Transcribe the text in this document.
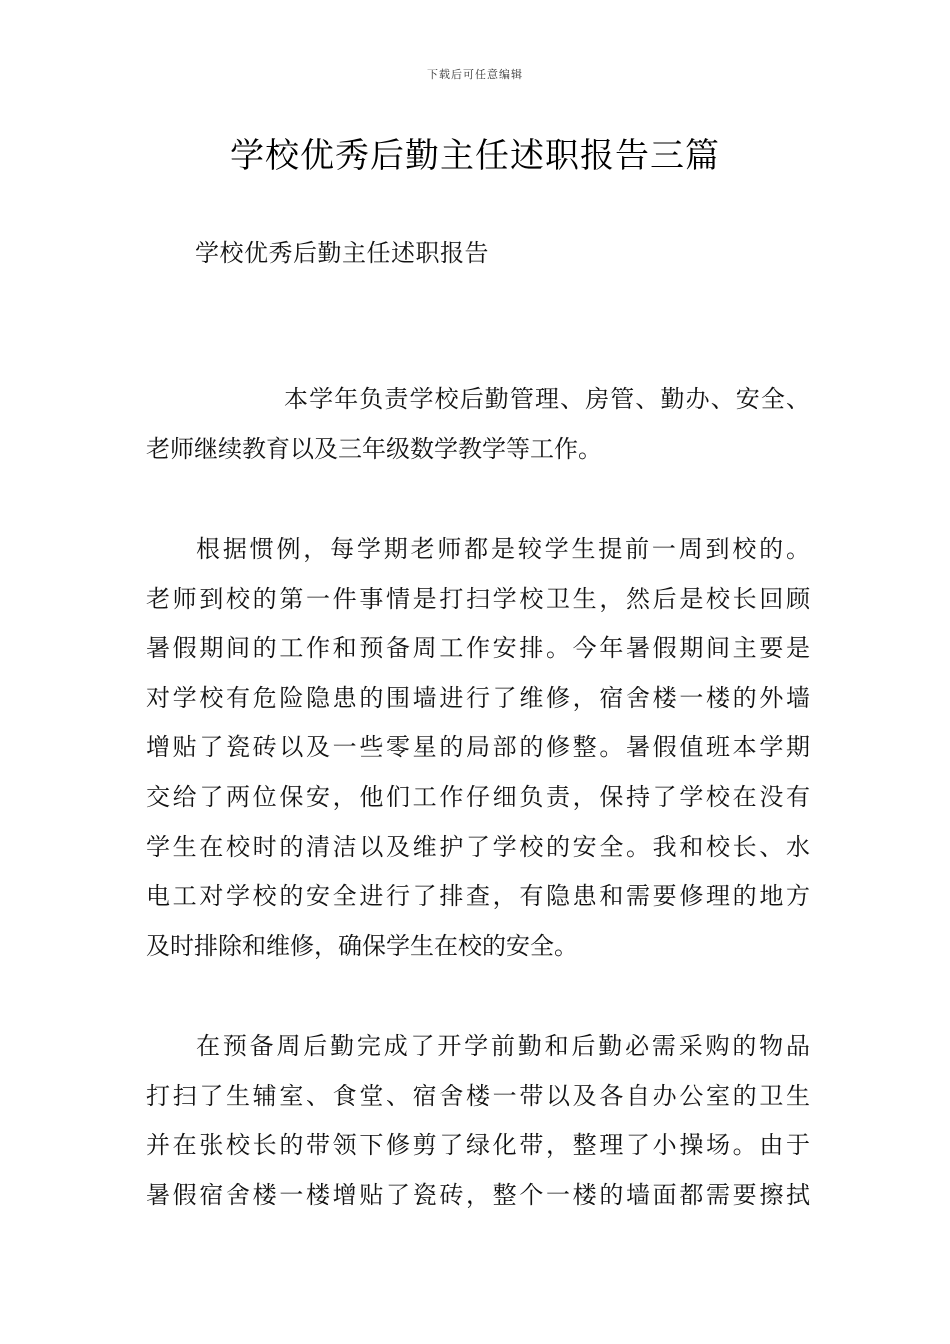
下载后可任意编辑
学校优秀后勤主任述职报告三篇

学校优秀后勤主任述职报告

本学年负责学校后勤管理、房管、勤办、安全、
老师继续教育以及三年级数学教学等工作。
根据惯例，每学期老师都是较学生提前一周到校的。
老师到校的第一件事情是打扫学校卫生，然后是校长回顾
暑假期间的工作和预备周工作安排。今年暑假期间主要是
对学校有危险隐患的围墙进行了维修，宿舍楼一楼的外墙
增贴了瓷砖以及一些零星的局部的修整。暑假值班本学期
交给了两位保安，他们工作仔细负责，保持了学校在没有
学生在校时的清洁以及维护了学校的安全。我和校长、水
电工对学校的安全进行了排查，有隐患和需要修理的地方
及时排除和维修，确保学生在校的安全。
在预备周后勤完成了开学前勤和后勤必需采购的物品
打扫了生辅室、食堂、宿舍楼一带以及各自办公室的卫生
并在张校长的带领下修剪了绿化带，整理了小操场。由于
暑假宿舍楼一楼增贴了瓷砖，整个一楼的墙面都需要擦拭
